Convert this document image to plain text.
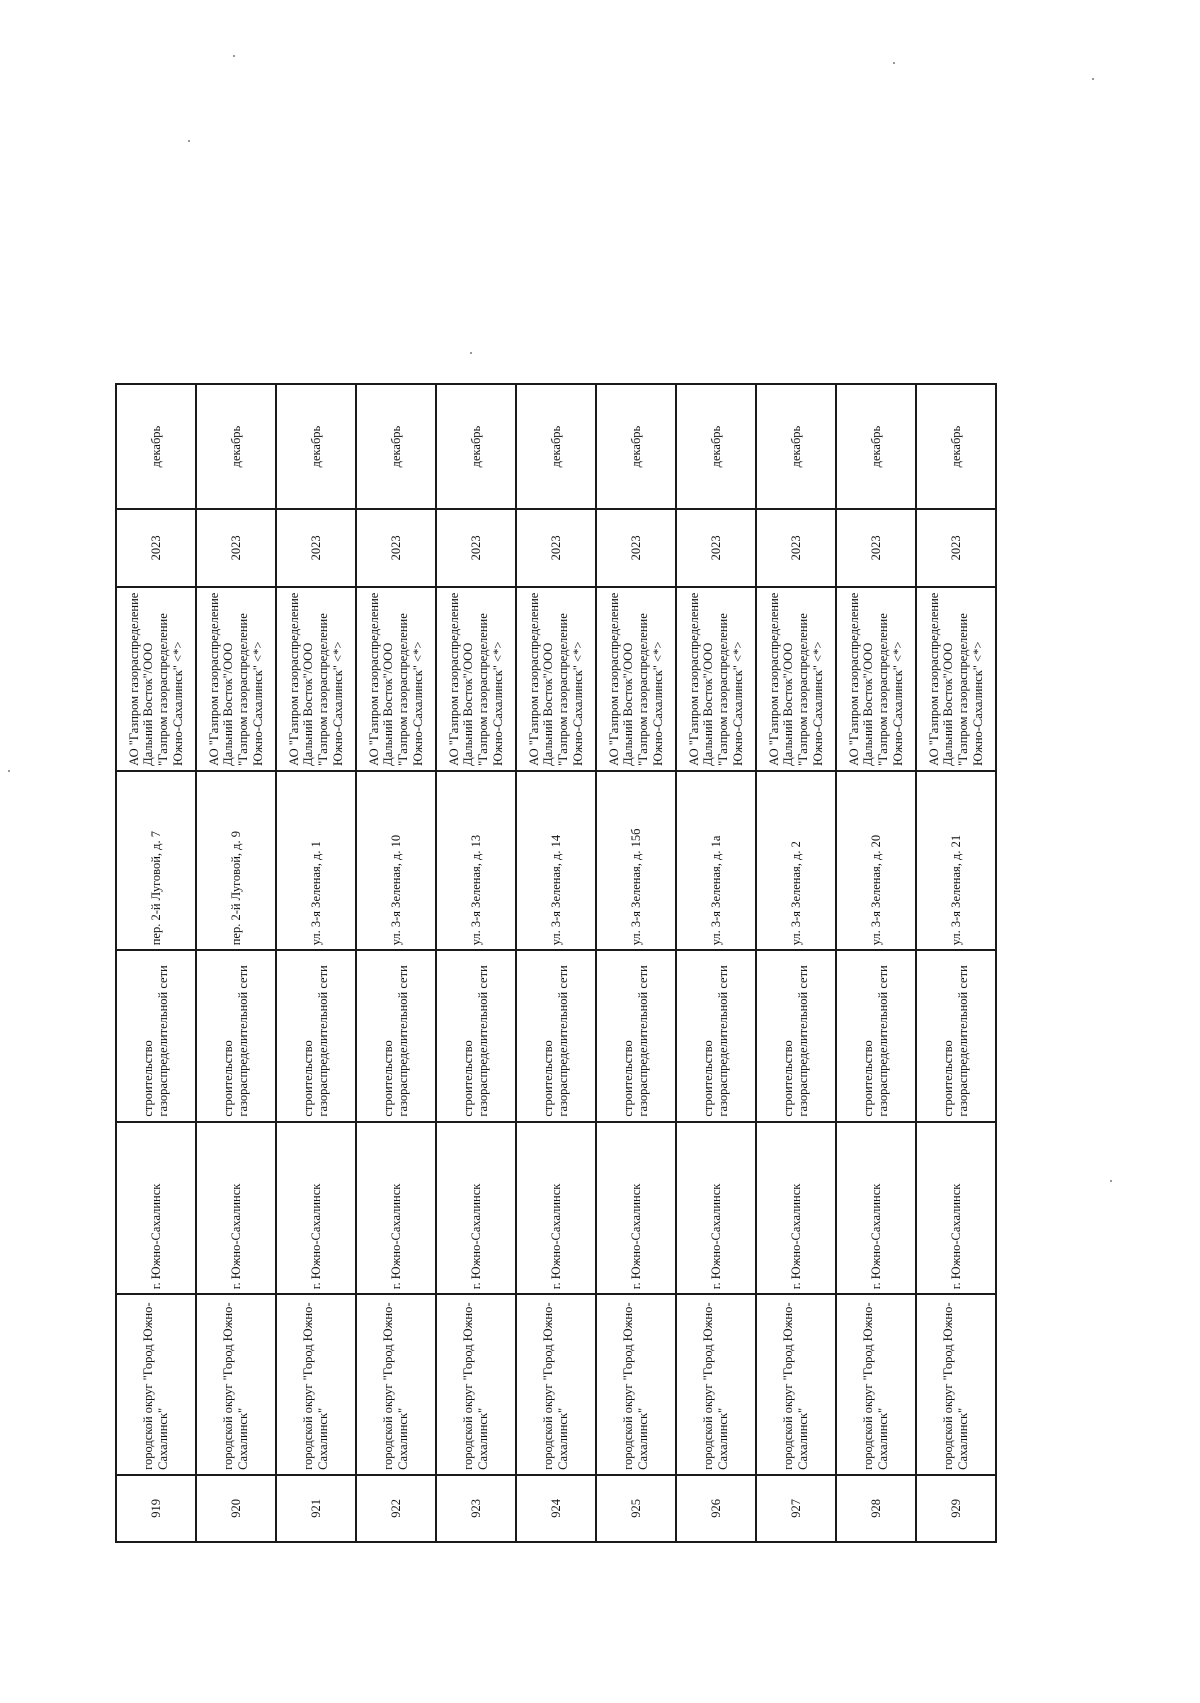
919	городской округ "Город Южно-Сахалинск"	г. Южно-Сахалинск	строительство газораспределительной сети	пер. 2-й Луговой, д. 7	АО "Газпром газораспределение Дальний Восток"/ООО "Газпром газораспределение Южно-Сахалинск" <*>	2023	декабрь
920	городской округ "Город Южно-Сахалинск"	г. Южно-Сахалинск	строительство газораспределительной сети	пер. 2-й Луговой, д. 9	АО "Газпром газораспределение Дальний Восток"/ООО "Газпром газораспределение Южно-Сахалинск" <*>	2023	декабрь
921	городской округ "Город Южно-Сахалинск"	г. Южно-Сахалинск	строительство газораспределительной сети	ул. 3-я Зеленая, д. 1	АО "Газпром газораспределение Дальний Восток"/ООО "Газпром газораспределение Южно-Сахалинск" <*>	2023	декабрь
922	городской округ "Город Южно-Сахалинск"	г. Южно-Сахалинск	строительство газораспределительной сети	ул. 3-я Зеленая, д. 10	АО "Газпром газораспределение Дальний Восток"/ООО "Газпром газораспределение Южно-Сахалинск" <*>	2023	декабрь
923	городской округ "Город Южно-Сахалинск"	г. Южно-Сахалинск	строительство газораспределительной сети	ул. 3-я Зеленая, д. 13	АО "Газпром газораспределение Дальний Восток"/ООО "Газпром газораспределение Южно-Сахалинск" <*>	2023	декабрь
924	городской округ "Город Южно-Сахалинск"	г. Южно-Сахалинск	строительство газораспределительной сети	ул. 3-я Зеленая, д. 14	АО "Газпром газораспределение Дальний Восток"/ООО "Газпром газораспределение Южно-Сахалинск" <*>	2023	декабрь
925	городской округ "Город Южно-Сахалинск"	г. Южно-Сахалинск	строительство газораспределительной сети	ул. 3-я Зеленая, д. 15б	АО "Газпром газораспределение Дальний Восток"/ООО "Газпром газораспределение Южно-Сахалинск" <*>	2023	декабрь
926	городской округ "Город Южно-Сахалинск"	г. Южно-Сахалинск	строительство газораспределительной сети	ул. 3-я Зеленая, д. 1а	АО "Газпром газораспределение Дальний Восток"/ООО "Газпром газораспределение Южно-Сахалинск" <*>	2023	декабрь
927	городской округ "Город Южно-Сахалинск"	г. Южно-Сахалинск	строительство газораспределительной сети	ул. 3-я Зеленая, д. 2	АО "Газпром газораспределение Дальний Восток"/ООО "Газпром газораспределение Южно-Сахалинск" <*>	2023	декабрь
928	городской округ "Город Южно-Сахалинск"	г. Южно-Сахалинск	строительство газораспределительной сети	ул. 3-я Зеленая, д. 20	АО "Газпром газораспределение Дальний Восток"/ООО "Газпром газораспределение Южно-Сахалинск" <*>	2023	декабрь
929	городской округ "Город Южно-Сахалинск"	г. Южно-Сахалинск	строительство газораспределительной сети	ул. 3-я Зеленая, д. 21	АО "Газпром газораспределение Дальний Восток"/ООО "Газпром газораспределение Южно-Сахалинск" <*>	2023	декабрь
